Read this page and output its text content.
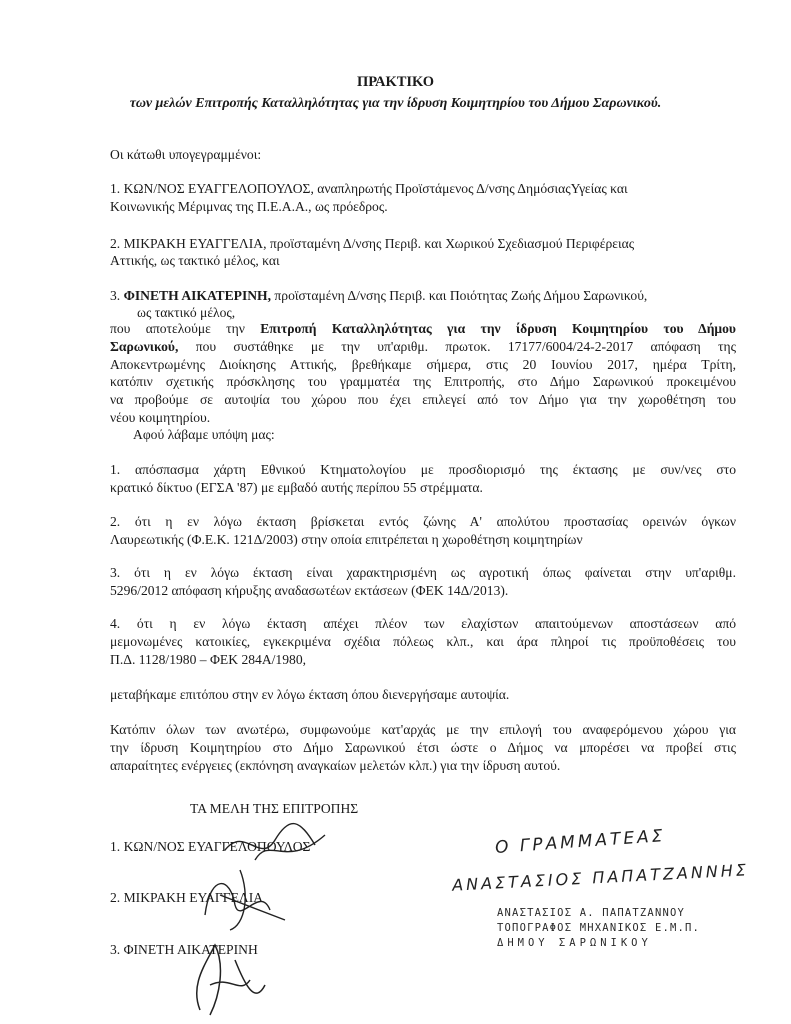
ΠΡΑΚΤΙΚΟ
των μελών Επιτροπής Καταλληλότητας για την ίδρυση Κοιμητηρίου του Δήμου Σαρωνικού.
Οι κάτωθι υπογεγραμμένοι:
1. ΚΩΝ/ΝΟΣ ΕΥΑΓΓΕΛΟΠΟΥΛΟΣ, αναπληρωτής Προϊστάμενος Δ/νσης ΔημόσιαςΥγείας και
Κοινωνικής Μέριμνας της Π.Ε.Α.Α., ως πρόεδρος.
2. ΜΙΚΡΑΚΗ ΕΥΑΓΓΕΛΙΑ, προϊσταμένη Δ/νσης Περιβ. και Χωρικού Σχεδιασμού Περιφέρειας
Αττικής, ως τακτικό μέλος, και
3. ΦΙΝΕΤΗ ΑΙΚΑΤΕΡΙΝΗ, προϊσταμένη Δ/νσης Περιβ. και Ποιότητας Ζωής Δήμου Σαρωνικού,
ως τακτικό μέλος,
που αποτελούμε την Επιτροπή Καταλληλότητας για την ίδρυση Κοιμητηρίου του Δήμου
Σαρωνικού, που συστάθηκε με την υπ'αριθμ. πρωτοκ. 17177/6004/24-2-2017 απόφαση της
Αποκεντρωμένης Διοίκησης Αττικής, βρεθήκαμε σήμερα, στις 20 Ιουνίου 2017, ημέρα Τρίτη,
κατόπιν σχετικής πρόσκλησης του γραμματέα της Επιτροπής, στο Δήμο Σαρωνικού προκειμένου
να προβούμε σε αυτοψία του χώρου που έχει επιλεγεί από τον Δήμο για την χωροθέτηση του
νέου κοιμητηρίου.
Αφού λάβαμε υπόψη μας:
1. απόσπασμα χάρτη Εθνικού Κτηματολογίου με προσδιορισμό της έκτασης με συν/νες στο
κρατικό δίκτυο (ΕΓΣΑ '87) με εμβαδό αυτής περίπου 55 στρέμματα.
2. ότι η εν λόγω έκταση βρίσκεται εντός ζώνης Α' απολύτου προστασίας ορεινών όγκων
Λαυρεωτικής (Φ.Ε.Κ. 121Δ/2003) στην οποία επιτρέπεται η χωροθέτηση κοιμητηρίων
3. ότι η εν λόγω έκταση είναι χαρακτηρισμένη ως αγροτική όπως φαίνεται στην υπ'αριθμ.
5296/2012 απόφαση κήρυξης αναδασωτέων εκτάσεων (ΦΕΚ 14Δ/2013).
4. ότι η εν λόγω έκταση απέχει πλέον των ελαχίστων απαιτούμενων αποστάσεων από
μεμονωμένες κατοικίες, εγκεκριμένα σχέδια πόλεως κλπ., και άρα πληροί τις προϋποθέσεις του
Π.Δ. 1128/1980 – ΦΕΚ 284Α/1980,
μεταβήκαμε επιτόπου στην εν λόγω έκταση όπου διενεργήσαμε αυτοψία.
Κατόπιν όλων των ανωτέρω, συμφωνούμε κατ'αρχάς με την επιλογή του αναφερόμενου χώρου για
την ίδρυση Κοιμητηρίου στο Δήμο Σαρωνικού έτσι ώστε ο Δήμος να μπορέσει να προβεί στις
απαραίτητες ενέργειες (εκπόνηση αναγκαίων μελετών κλπ.) για την ίδρυση αυτού.
ΤΑ ΜΕΛΗ ΤΗΣ ΕΠΙΤΡΟΠΗΣ
1. ΚΩΝ/ΝΟΣ ΕΥΑΓΓΕΛΟΠΟΥΛΟΣ
2. ΜΙΚΡΑΚΗ ΕΥΑΓΓΕΛΙΑ
3. ΦΙΝΕΤΗ ΑΙΚΑΤΕΡΙΝΗ
Ο ΓΡΑΜΜΑΤΕΑΣ
ΑΝΑΣΤΑΣΙΟΣ ΠΑΠΑΤΖΑΝΝΗΣ
ΑΝΑΣΤΑΣΙΟΣ Α. ΠΑΠΑΤΖΑΝΝΟΥ
ΤΟΠΟΓΡΑΦΟΣ ΜΗΧΑΝΙΚΟΣ Ε.Μ.Π.
ΔΗΜΟΥ ΣΑΡΩΝΙΚΟΥ
